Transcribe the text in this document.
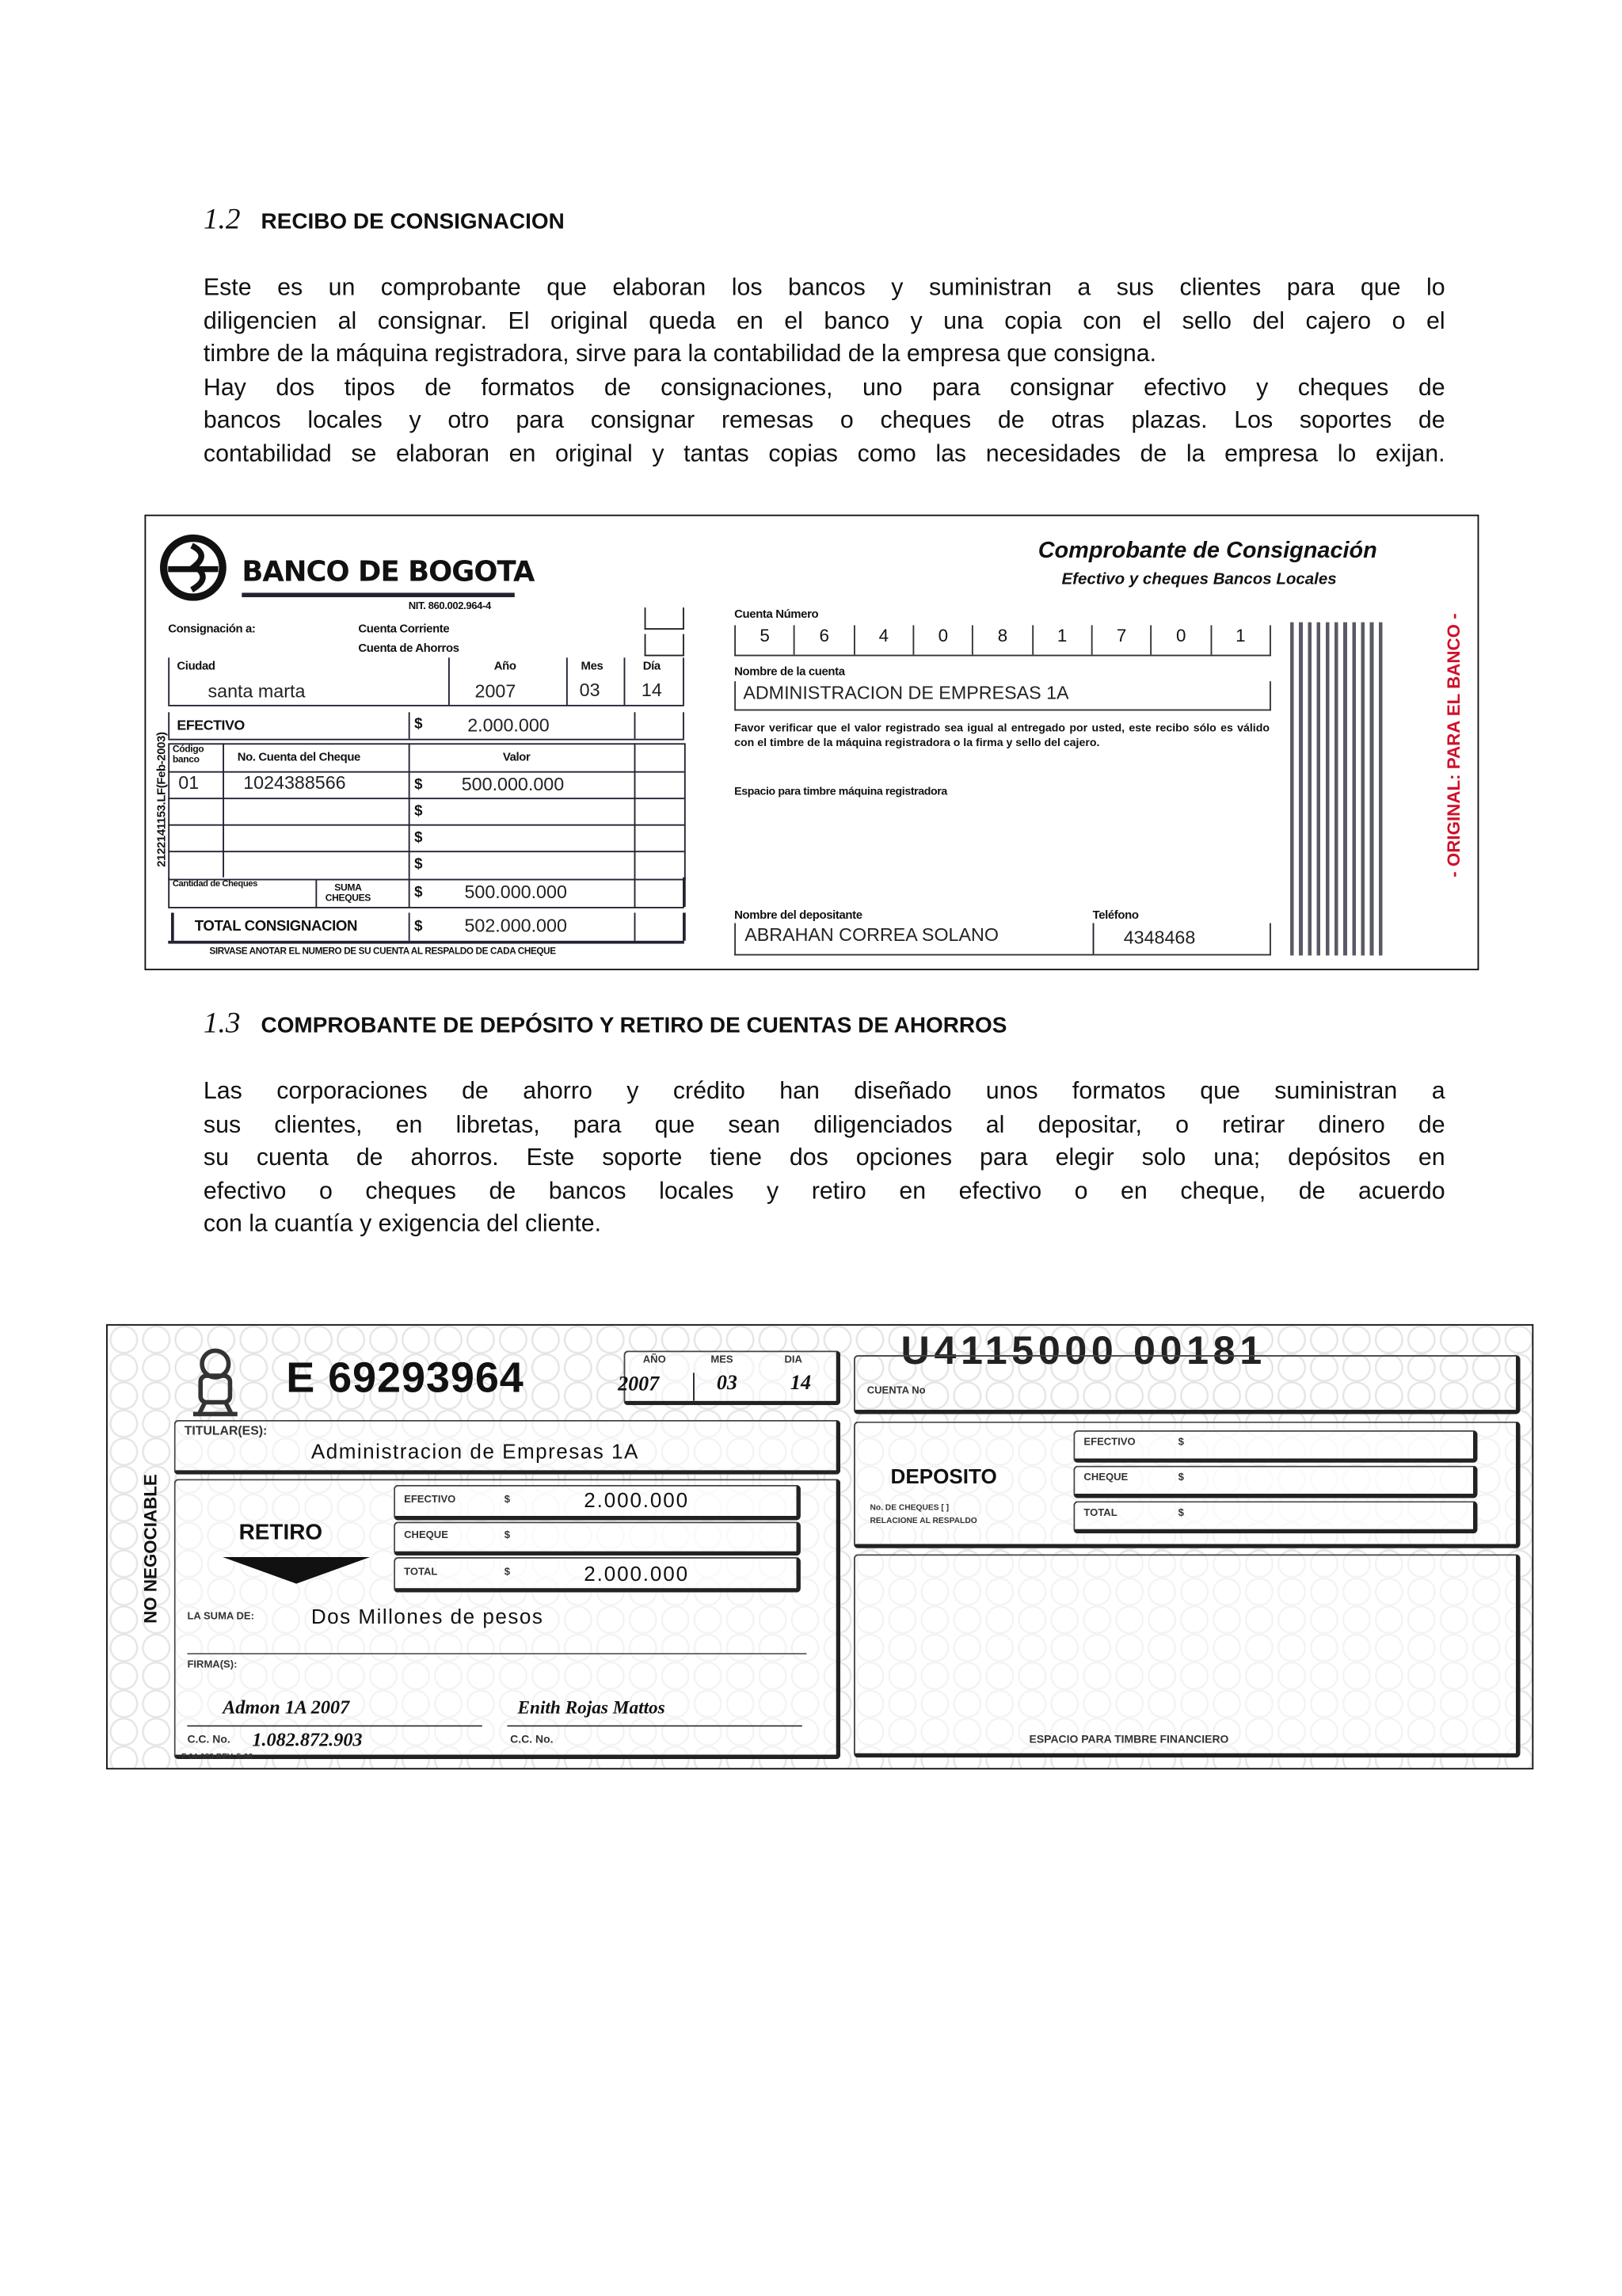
1.2 RECIBO DE CONSIGNACION
Este es un comprobante que elaboran los bancos y suministran a sus clientes para que lo
diligencien al consignar. El original queda en el banco y una copia con el sello del cajero o el
timbre de la máquina registradora, sirve para la contabilidad de la empresa que consigna.
Hay dos tipos de formatos de consignaciones, uno para consignar efectivo y cheques de
bancos locales y otro para consignar remesas o cheques de otras plazas. Los soportes de
contabilidad se elaboran en original y tantas copias como las necesidades de la empresa lo exijan.
BANCO DE BOGOTA
NIT. 860.002.964-4
Consignación a:	Cuenta Corriente
Cuenta de Ahorros
Ciudad
santa marta
Año	Mes	Día
2007	03	14
EFECTIVO	$	2.000.000
Código banco	No. Cuenta del Cheque	Valor
01	1024388566	500.000.000
$
$
$
$
Cantidad de Cheques	SUMA CHEQUES	$	500.000.000
TOTAL CONSIGNACION	$	502.000.000
SIRVASE ANOTAR EL NUMERO DE SU CUENTA AL RESPALDO DE CADA CHEQUE
2122141153.LF(Feb-2003)
Comprobante de Consignación
Efectivo y cheques Bancos Locales
Cuenta Número
5	6	4	0	8	1	7	0	1
Nombre de la cuenta
ADMINISTRACION DE EMPRESAS 1A
Favor verificar que el valor registrado sea igual al entregado por usted, este recibo sólo es válido con el timbre de la máquina registradora o la firma y sello del cajero.
Espacio para timbre máquina registradora
Nombre del depositante	Teléfono
ABRAHAN CORREA SOLANO	4348468
- ORIGINAL: PARA EL BANCO -
1.3 COMPROBANTE DE DEPÓSITO Y RETIRO DE CUENTAS DE AHORROS
Las corporaciones de ahorro y crédito han diseñado unos formatos que suministran a
sus clientes, en libretas, para que sean diligenciados al depositar, o retirar dinero de
su cuenta de ahorros. Este soporte tiene dos opciones para elegir solo una; depósitos en
efectivo o cheques de bancos locales y retiro en efectivo o en cheque, de acuerdo
con la cuantía y exigencia del cliente.
E 69293964	AÑO	MES	DIA
2007	03	14
TITULAR(ES):
Administracion de Empresas 1A
NO NEGOCIABLE	RETIRO
EFECTIVO	$	2.000.000
CHEQUE	$
TOTAL	$	2.000.000
LA SUMA DE:	Dos Millones de pesos
FIRMA(S):
Admon 1A 2007	Enith Rojas Mattos
C.C. No. 1.082.872.903	C.C. No.
F 04-083 REV. 5-96
U4115000 00181
CUENTA No
DEPOSITO
No. DE CHEQUES [ ]
RELACIONE AL RESPALDO
EFECTIVO	$
CHEQUE	$
TOTAL	$
ESPACIO PARA TIMBRE FINANCIERO
